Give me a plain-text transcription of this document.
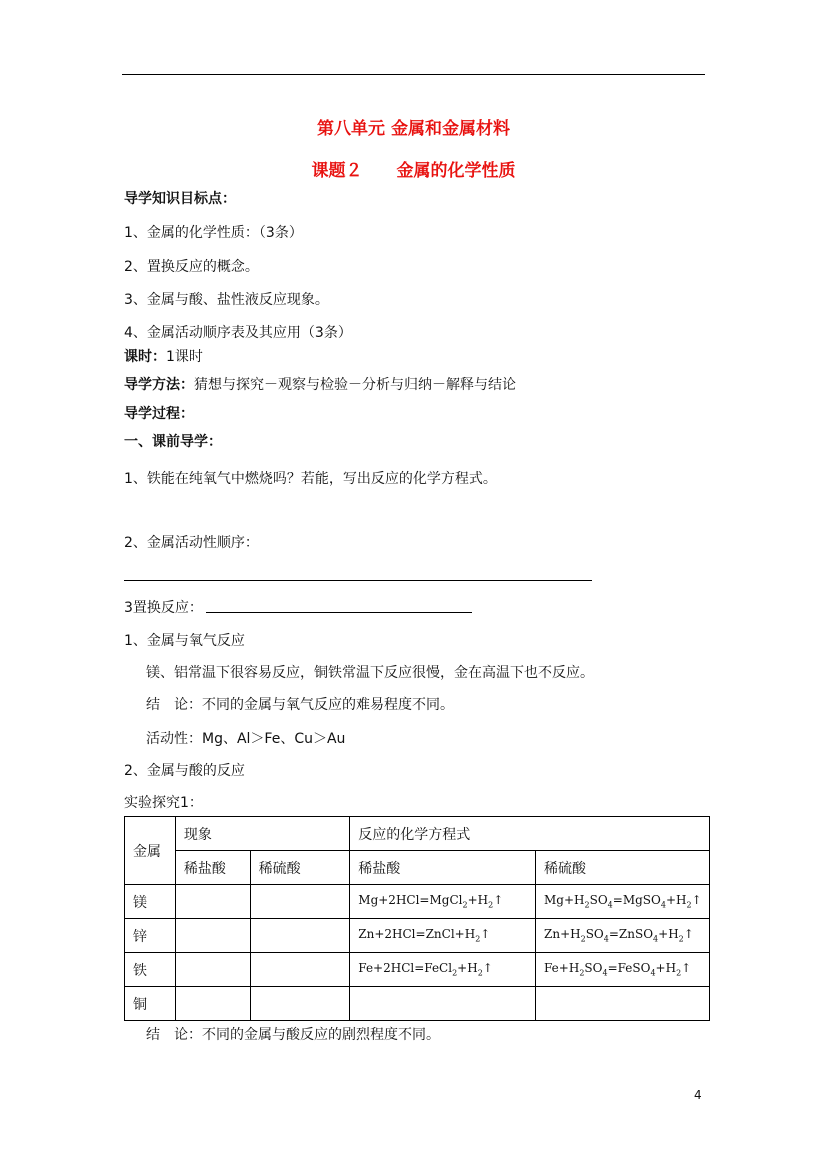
第八单元 金属和金属材料
课题２　　金属的化学性质
导学知识目标点：
1、金属的化学性质：（3条）
2、置换反应的概念。
3、金属与酸、盐性液反应现象。
4、金属活动顺序表及其应用（3条）
课时：1课时
导学方法：猜想与探究－观察与检验－分析与归纳－解释与结论
导学过程：
一、课前导学：
1、铁能在纯氧气中燃烧吗？若能，写出反应的化学方程式。
2、金属活动性顺序：
3置换反应：
1、金属与氧气反应
镁、铝常温下很容易反应，铜铁常温下反应很慢，金在高温下也不反应。
结　论：不同的金属与氧气反应的难易程度不同。
活动性：Mg、Al＞Fe、Cu＞Au
2、金属与酸的反应
实验探究1：
金属	现象		反应的化学方程式	
	稀盐酸	稀硫酸	稀盐酸	稀硫酸
镁			$Mg+2HCl=MgCl_2+H_2↑$	$Mg+H_2SO_4=MgSO_4+H_2↑$
锌			$Zn+2HCl=ZnCl+H_2↑$	$Zn+H_2SO_4=ZnSO_4+H_2↑$
铁			$Fe+2HCl=FeCl_2+H_2↑$	$Fe+H_2SO_4=FeSO_4+H_2↑$
铜				
结　论：不同的金属与酸反应的剧烈程度不同。
4
